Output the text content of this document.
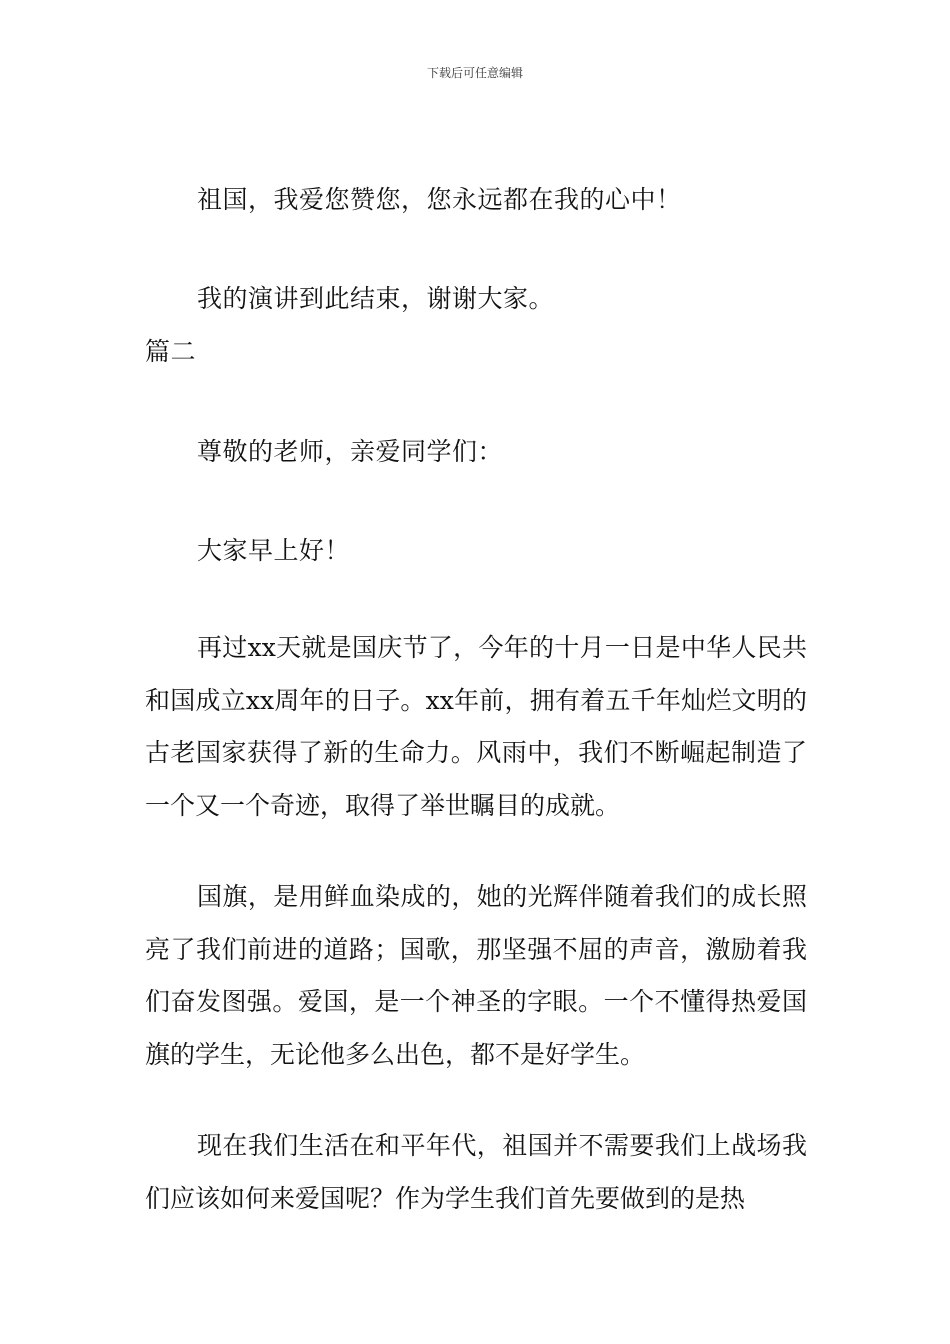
下载后可任意编辑
祖国，我爱您赞您，您永远都在我的心中！
我的演讲到此结束，谢谢大家。
篇二
尊敬的老师，亲爱同学们：
大家早上好！
再过xx天就是国庆节了，今年的十月一日是中华人民共和国成立xx周年的日子。xx年前，拥有着五千年灿烂文明的古老国家获得了新的生命力。风雨中，我们不断崛起制造了一个又一个奇迹，取得了举世瞩目的成就。
国旗，是用鲜血染成的，她的光辉伴随着我们的成长照亮了我们前进的道路；国歌，那坚强不屈的声音，激励着我们奋发图强。爱国，是一个神圣的字眼。一个不懂得热爱国旗的学生，无论他多么出色，都不是好学生。
现在我们生活在和平年代，祖国并不需要我们上战场我们应该如何来爱国呢？作为学生我们首先要做到的是热
